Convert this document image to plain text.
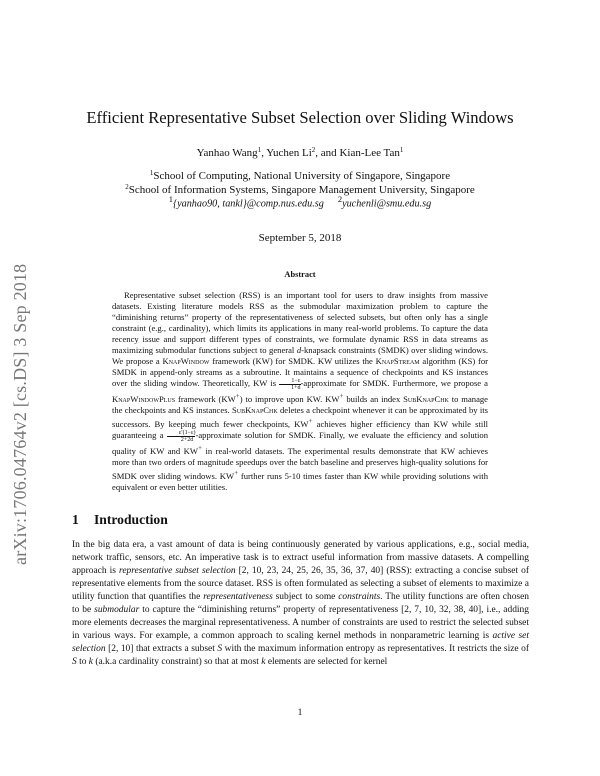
arXiv:1706.04764v2 [cs.DS] 3 Sep 2018
Efficient Representative Subset Selection over Sliding Windows
Yanhao Wang$^1$, Yuchen Li$^2$, and Kian-Lee Tan$^1$
$^1$School of Computing, National University of Singapore, Singapore
$^2$School of Information Systems, Singapore Management University, Singapore
$^1${yanhao90, tankl}@comp.nus.edu.sg $^2$yuchenli@smu.edu.sg
September 5, 2018
Abstract
Representative subset selection (RSS) is an important tool for users to draw insights from massive datasets. Existing literature models RSS as the submodular maximization problem to capture the “diminishing returns” property of the representativeness of selected subsets, but often only has a single constraint (e.g., cardinality), which limits its applications in many real-world problems. To capture the data recency issue and support different types of constraints, we formulate dynamic RSS in data streams as maximizing submodular functions subject to general d-knapsack constraints (SMDK) over sliding windows. We propose a KnapWindow framework (KW) for SMDK. KW utilizes the KnapStream algorithm (KS) for SMDK in append-only streams as a subroutine. It maintains a sequence of checkpoints and KS instances over the sliding window. Theoretically, KW is $\frac{1-\varepsilon}{1+d}$ -approximate for SMDK. Furthermore, we propose a KnapWindowPlus framework (KW+) to improve upon KW. KW+ builds an index SubKnapChk to manage the checkpoints and KS instances. SubKnapChk deletes a checkpoint whenever it can be approximated by its successors. By keeping much fewer checkpoints, KW+ achieves higher efficiency than KW while still guaranteeing a $\frac{\varepsilon'(1-\varepsilon)}{2+2d}$ -approximate solution for SMDK. Finally, we evaluate the efficiency and solution quality of KW and KW+ in real-world datasets. The experimental results demonstrate that KW achieves more than two orders of magnitude speedups over the batch baseline and preserves high-quality solutions for SMDK over sliding windows. KW+ further runs 5-10 times faster than KW while providing solutions with equivalent or even better utilities.
1 Introduction
In the big data era, a vast amount of data is being continuously generated by various applications, e.g., social media, network traffic, sensors, etc. An imperative task is to extract useful information from massive datasets. A compelling approach is representative subset selection [2, 10, 23, 24, 25, 26, 35, 36, 37, 40] (RSS): extracting a concise subset of representative elements from the source dataset. RSS is often formulated as selecting a subset of elements to maximize a utility function that quantifies the representativeness subject to some constraints. The utility functions are often chosen to be submodular to capture the “diminishing returns” property of representativeness [2, 7, 10, 32, 38, 40], i.e., adding more elements decreases the marginal representativeness. A number of constraints are used to restrict the selected subset in various ways. For example, a common approach to scaling kernel methods in nonparametric learning is active set selection [2, 10] that extracts a subset S with the maximum information entropy as representatives. It restricts the size of S to k (a.k.a cardinality constraint) so that at most k elements are selected for kernel
1
